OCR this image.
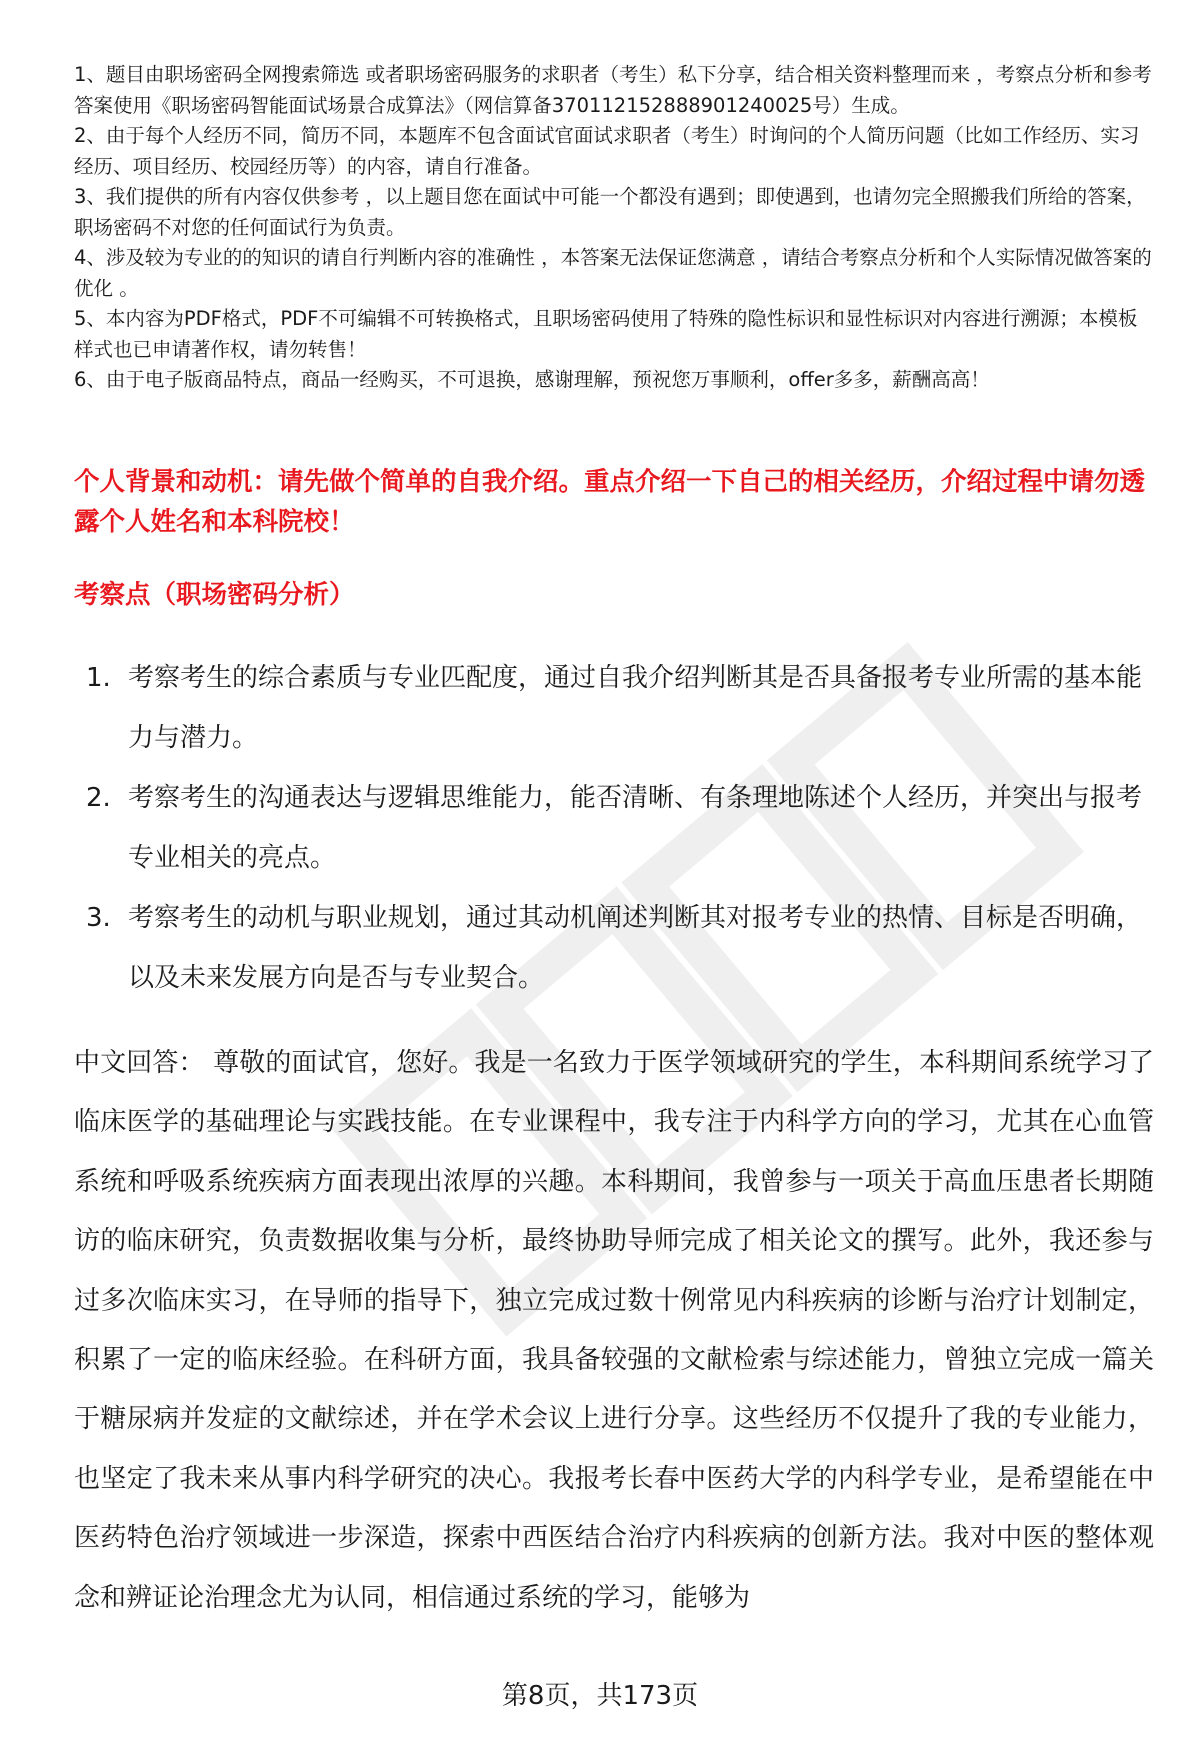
1、题目由职场密码全网搜索筛选 或者职场密码服务的求职者（考生）私下分享，结合相关资料整理而来 ，考察点分析和参考答案使用《职场密码智能面试场景合成算法》（网信算备370112152888901240025号）生成。
2、由于每个人经历不同，简历不同，本题库不包含面试官面试求职者（考生）时询问的个人简历问题（比如工作经历、实习经历、项目经历、校园经历等）的内容，请自行准备。
3、我们提供的所有内容仅供参考 ，以上题目您在面试中可能一个都没有遇到；即使遇到，也请勿完全照搬我们所给的答案，职场密码不对您的任何面试行为负责。
4、涉及较为专业的的知识的请自行判断内容的准确性 ，本答案无法保证您满意 ，请结合考察点分析和个人实际情况做答案的优化 。
5、本内容为PDF格式，PDF不可编辑不可转换格式，且职场密码使用了特殊的隐性标识和显性标识对内容进行溯源；本模板样式也已申请著作权，请勿转售！
6、由于电子版商品特点，商品一经购买，不可退换，感谢理解，预祝您万事顺利，offer多多，薪酬高高！

个人背景和动机：请先做个简单的自我介绍。重点介绍一下自己的相关经历，介绍过程中请勿透露个人姓名和本科院校！

考察点（职场密码分析）

1. 考察考生的综合素质与专业匹配度，通过自我介绍判断其是否具备报考专业所需的基本能力与潜力。
2. 考察考生的沟通表达与逻辑思维能力，能否清晰、有条理地陈述个人经历，并突出与报考专业相关的亮点。
3. 考察考生的动机与职业规划，通过其动机阐述判断其对报考专业的热情、目标是否明确，以及未来发展方向是否与专业契合。

中文回答： 尊敬的面试官，您好。我是一名致力于医学领域研究的学生，本科期间系统学习了临床医学的基础理论与实践技能。在专业课程中，我专注于内科学方向的学习，尤其在心血管系统和呼吸系统疾病方面表现出浓厚的兴趣。本科期间，我曾参与一项关于高血压患者长期随访的临床研究，负责数据收集与分析，最终协助导师完成了相关论文的撰写。此外，我还参与过多次临床实习，在导师的指导下，独立完成过数十例常见内科疾病的诊断与治疗计划制定，积累了一定的临床经验。在科研方面，我具备较强的文献检索与综述能力，曾独立完成一篇关于糖尿病并发症的文献综述，并在学术会议上进行分享。这些经历不仅提升了我的专业能力，也坚定了我未来从事内科学研究的决心。我报考长春中医药大学的内科学专业，是希望能在中医药特色治疗领域进一步深造，探索中西医结合治疗内科疾病的创新方法。我对中医的整体观念和辨证论治理念尤为认同，相信通过系统的学习，能够为

第8页，共173页
